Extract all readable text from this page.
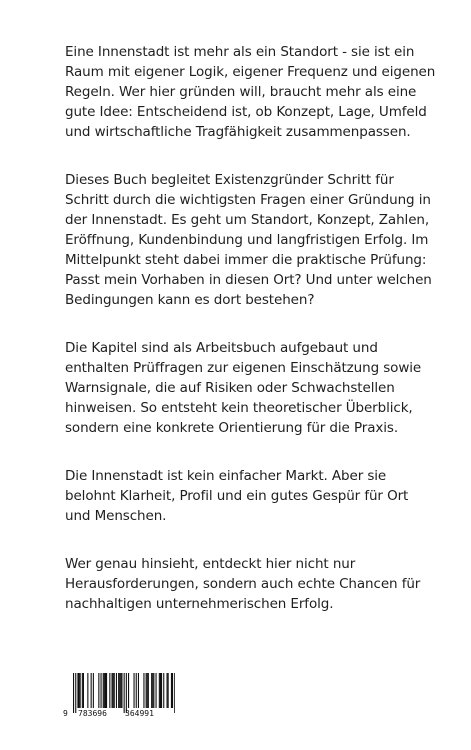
Eine Innenstadt ist mehr als ein Standort - sie ist ein
Raum mit eigener Logik, eigener Frequenz und eigenen
Regeln. Wer hier gründen will, braucht mehr als eine
gute Idee: Entscheidend ist, ob Konzept, Lage, Umfeld
und wirtschaftliche Tragfähigkeit zusammenpassen.

Dieses Buch begleitet Existenzgründer Schritt für
Schritt durch die wichtigsten Fragen einer Gründung in
der Innenstadt. Es geht um Standort, Konzept, Zahlen,
Eröffnung, Kundenbindung und langfristigen Erfolg. Im
Mittelpunkt steht dabei immer die praktische Prüfung:
Passt mein Vorhaben in diesen Ort? Und unter welchen
Bedingungen kann es dort bestehen?

Die Kapitel sind als Arbeitsbuch aufgebaut und
enthalten Prüffragen zur eigenen Einschätzung sowie
Warnsignale, die auf Risiken oder Schwachstellen
hinweisen. So entsteht kein theoretischer Überblick,
sondern eine konkrete Orientierung für die Praxis.

Die Innenstadt ist kein einfacher Markt. Aber sie
belohnt Klarheit, Profil und ein gutes Gespür für Ort
und Menschen.

Wer genau hinsieht, entdeckt hier nicht nur
Herausforderungen, sondern auch echte Chancen für
nachhaltigen unternehmerischen Erfolg.

9 783696 364991
